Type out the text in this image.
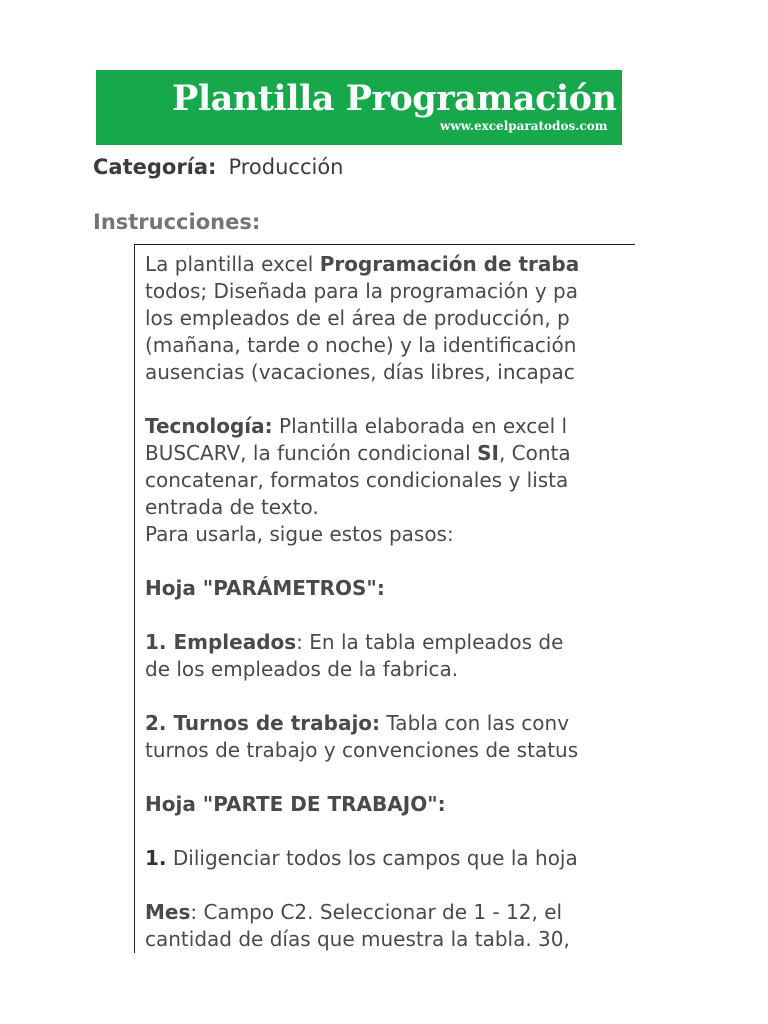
Plantilla Programación de T
www.excelparatodos.com
Categoría: Producción
Instrucciones:
La plantilla excel Programación de traba
todos; Diseñada para la programación y pa
los empleados de el área de producción, p
(mañana, tarde o noche) y la identificación
ausencias (vacaciones, días libres, incapac
Tecnología: Plantilla elaborada en excel l
BUSCARV, la función condicional SI, Conta
concatenar, formatos condicionales y lista
entrada de texto.
Para usarla, sigue estos pasos:
Hoja "PARÁMETROS":
1. Empleados: En la tabla empleados de
de los empleados de la fabrica.
2. Turnos de trabajo: Tabla con las conv
turnos de trabajo y convenciones de status
Hoja "PARTE DE TRABAJO":
1. Diligenciar todos los campos que la hoja
Mes: Campo C2. Seleccionar de 1 - 12, el
cantidad de días que muestra la tabla. 30,
